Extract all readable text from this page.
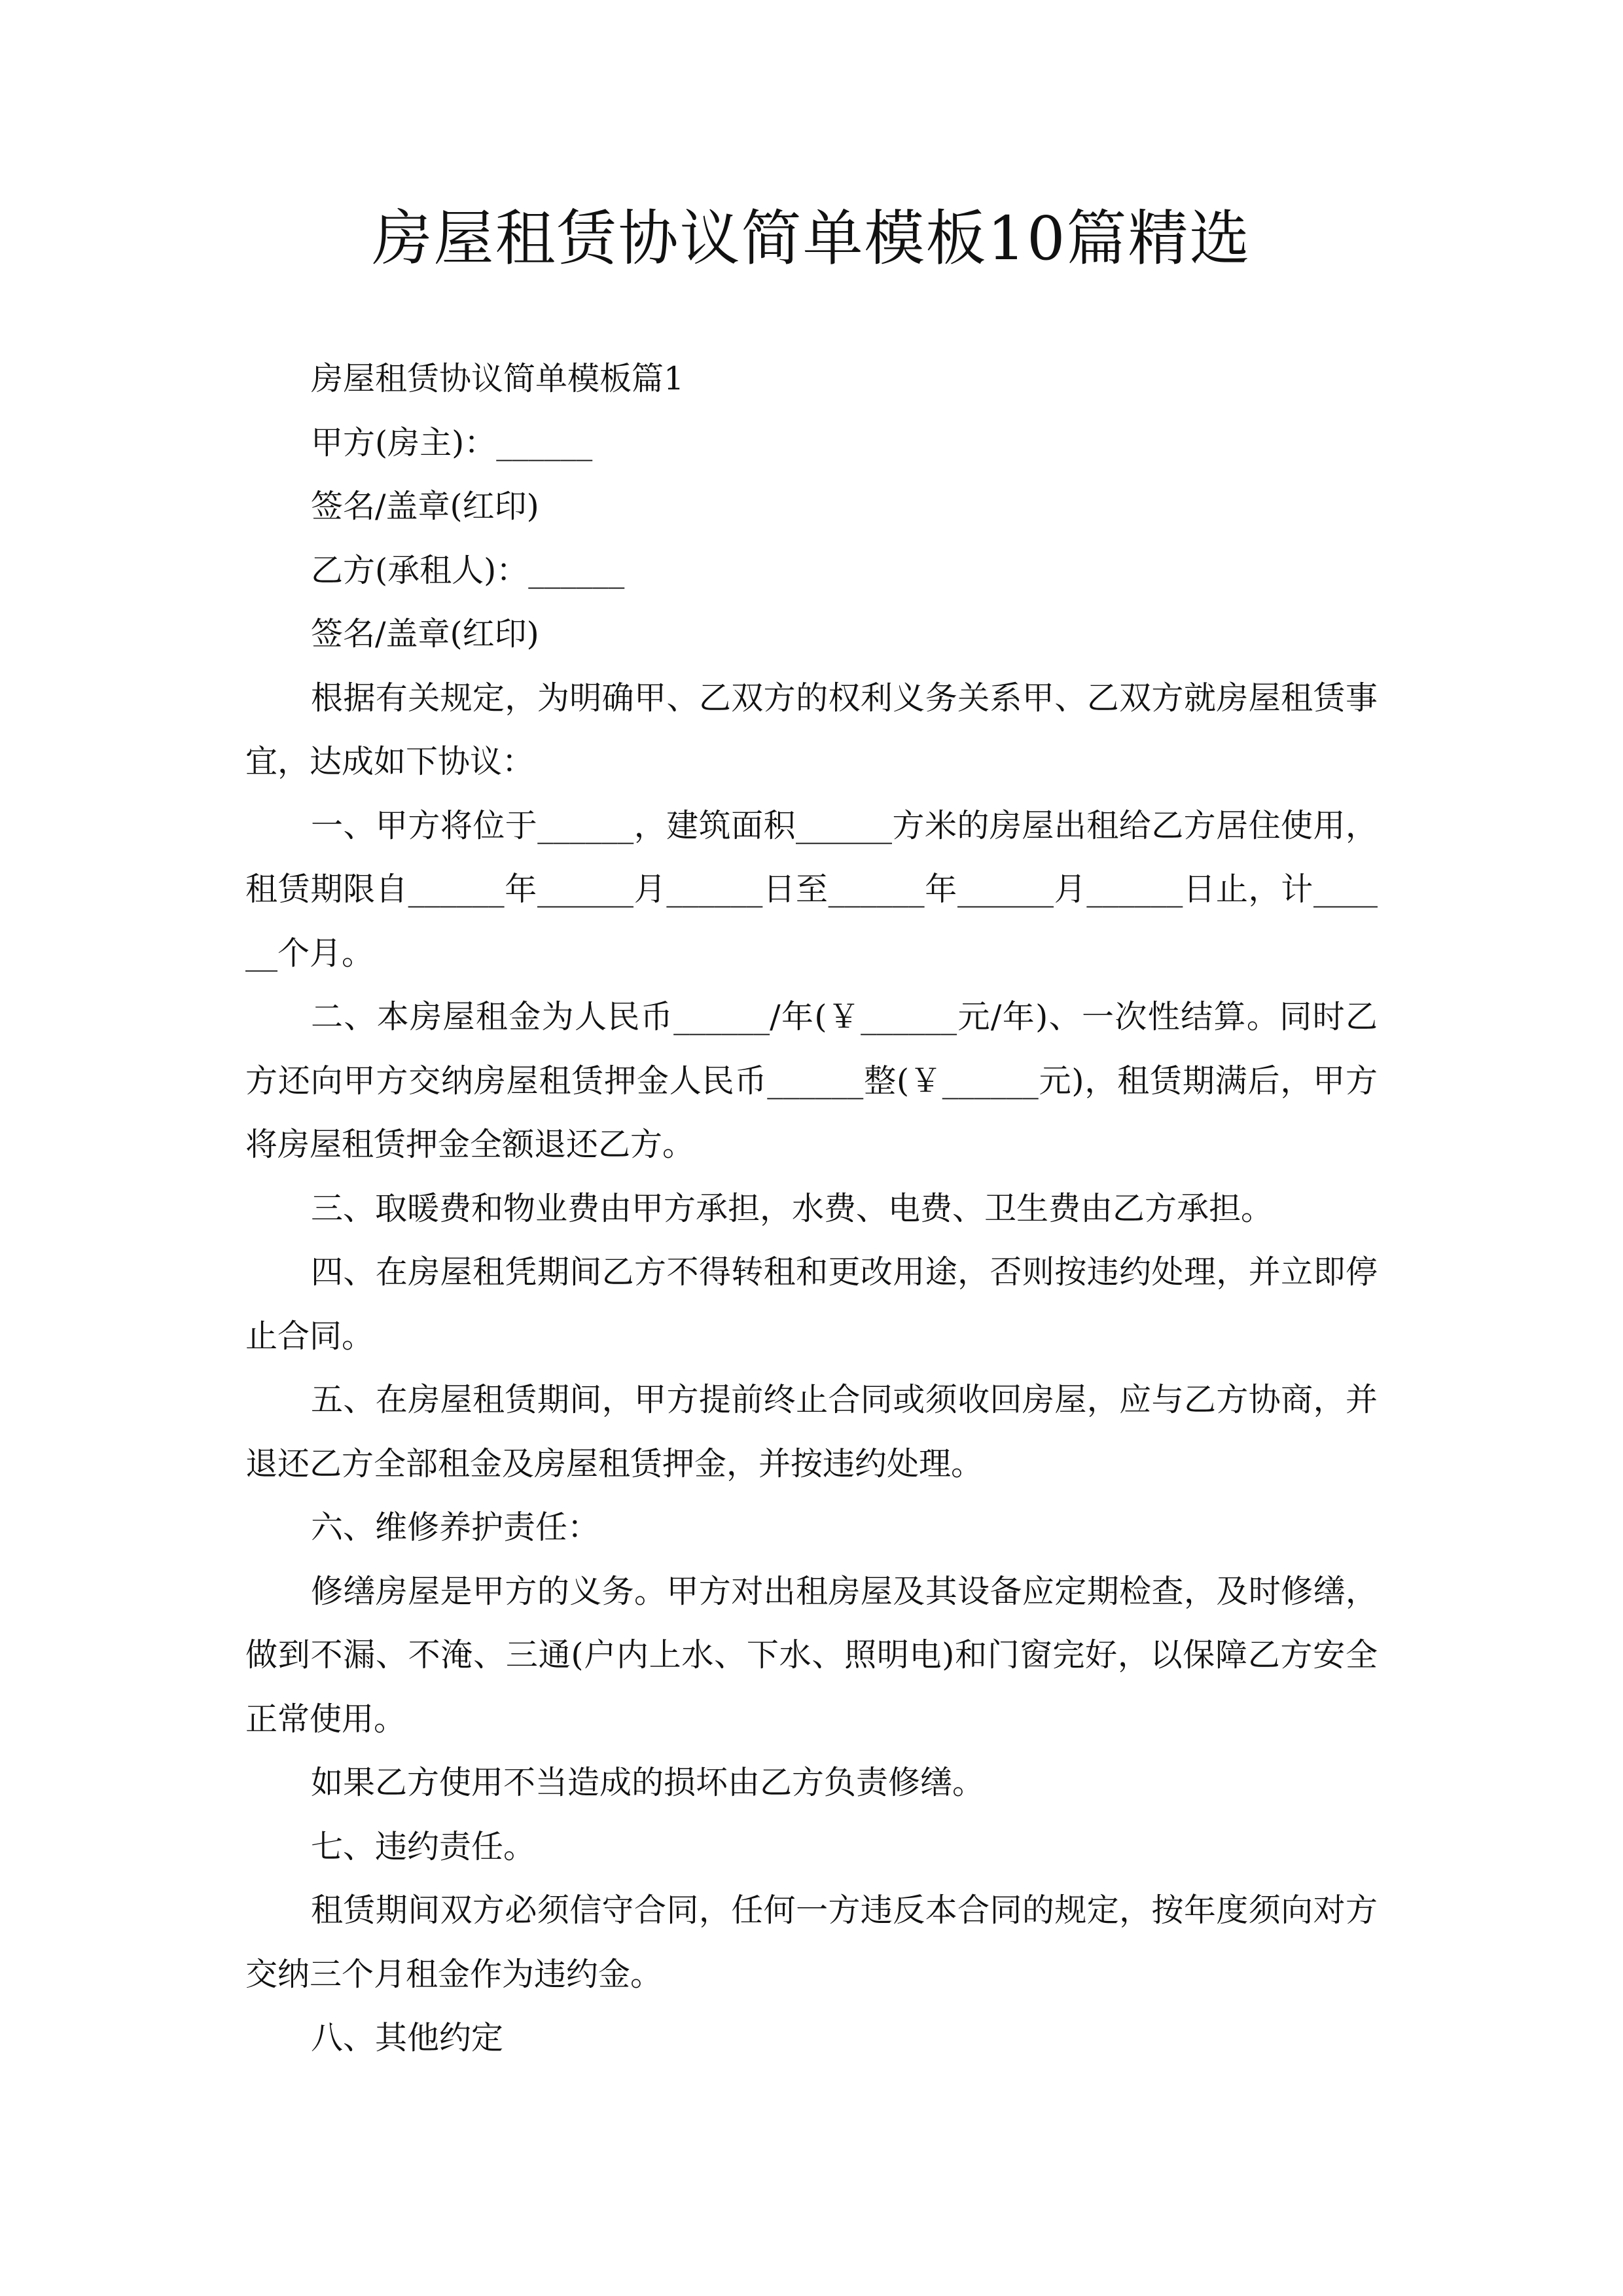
房屋租赁协议简单模板10篇精选

房屋租赁协议简单模板篇1

甲方(房主)：______

签名/盖章(红印)

乙方(承租人)：______

签名/盖章(红印)

根据有关规定，为明确甲、乙双方的权利义务关系甲、乙双方就房屋租赁事宜，达成如下协议：

一、甲方将位于______，建筑面积______方米的房屋出租给乙方居住使用，租赁期限自______年______月______日至______年______月______日止，计______个月。

二、本房屋租金为人民币______/年(￥______元/年)、一次性结算。同时乙方还向甲方交纳房屋租赁押金人民币______整(￥______元)，租赁期满后，甲方将房屋租赁押金全额退还乙方。

三、取暖费和物业费由甲方承担，水费、电费、卫生费由乙方承担。

四、在房屋租凭期间乙方不得转租和更改用途，否则按违约处理，并立即停止合同。

五、在房屋租赁期间，甲方提前终止合同或须收回房屋，应与乙方协商，并退还乙方全部租金及房屋租赁押金，并按违约处理。

六、维修养护责任：

修缮房屋是甲方的义务。甲方对出租房屋及其设备应定期检查，及时修缮，做到不漏、不淹、三通(户内上水、下水、照明电)和门窗完好，以保障乙方安全正常使用。

如果乙方使用不当造成的损坏由乙方负责修缮。

七、违约责任。

租赁期间双方必须信守合同，任何一方违反本合同的规定，按年度须向对方交纳三个月租金作为违约金。

八、其他约定
